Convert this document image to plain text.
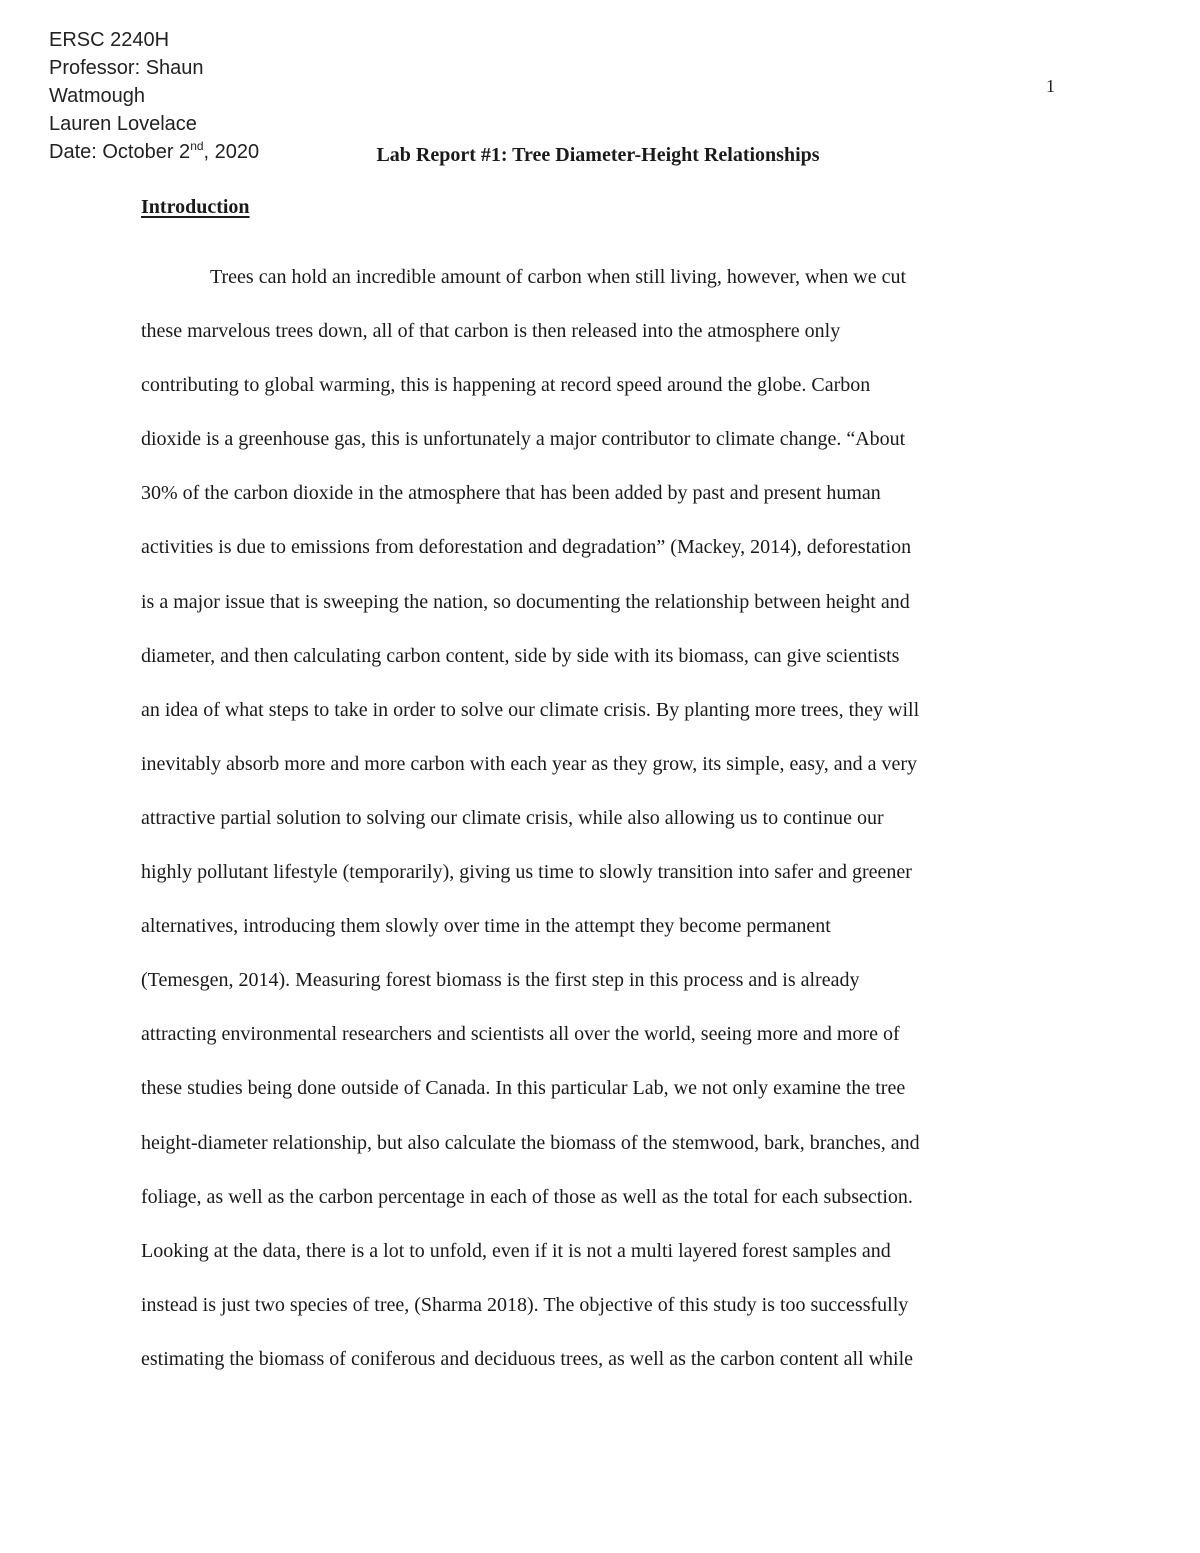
ERSC 2240H
Professor: Shaun
Watmough
Lauren Lovelace
Date: October 2nd, 2020
1
Lab Report #1: Tree Diameter-Height Relationships
Introduction
Trees can hold an incredible amount of carbon when still living, however, when we cut
these marvelous trees down, all of that carbon is then released into the atmosphere only
contributing to global warming, this is happening at record speed around the globe. Carbon
dioxide is a greenhouse gas, this is unfortunately a major contributor to climate change. “About
30% of the carbon dioxide in the atmosphere that has been added by past and present human
activities is due to emissions from deforestation and degradation” (Mackey, 2014), deforestation
is a major issue that is sweeping the nation, so documenting the relationship between height and
diameter, and then calculating carbon content, side by side with its biomass, can give scientists
an idea of what steps to take in order to solve our climate crisis. By planting more trees, they will
inevitably absorb more and more carbon with each year as they grow, its simple, easy, and a very
attractive partial solution to solving our climate crisis, while also allowing us to continue our
highly pollutant lifestyle (temporarily), giving us time to slowly transition into safer and greener
alternatives, introducing them slowly over time in the attempt they become permanent
(Temesgen, 2014). Measuring forest biomass is the first step in this process and is already
attracting environmental researchers and scientists all over the world, seeing more and more of
these studies being done outside of Canada. In this particular Lab, we not only examine the tree
height-diameter relationship, but also calculate the biomass of the stemwood, bark, branches, and
foliage, as well as the carbon percentage in each of those as well as the total for each subsection.
Looking at the data, there is a lot to unfold, even if it is not a multi layered forest samples and
instead is just two species of tree, (Sharma 2018). The objective of this study is too successfully
estimating the biomass of coniferous and deciduous trees, as well as the carbon content all while
